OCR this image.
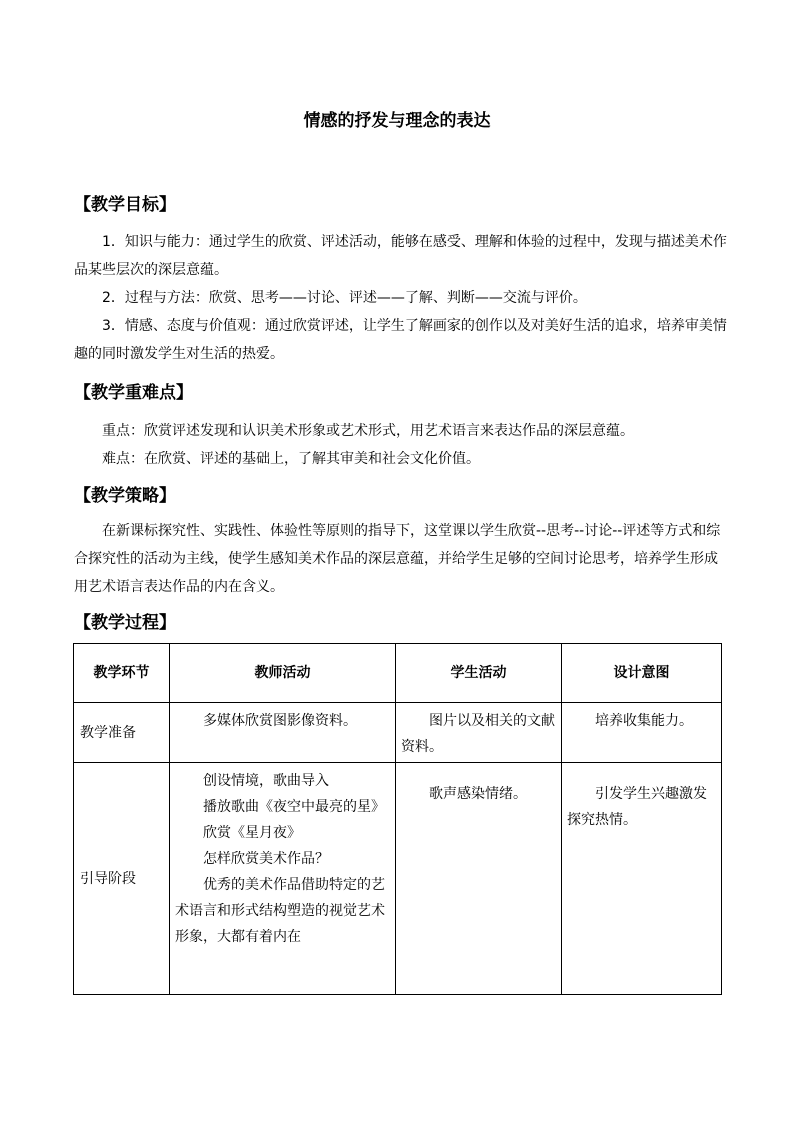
情感的抒发与理念的表达
【教学目标】
1．知识与能力：通过学生的欣赏、评述活动，能够在感受、理解和体验的过程中，发现与描述美术作品某些层次的深层意蕴。
2．过程与方法：欣赏、思考——讨论、评述——了解、判断——交流与评价。
3．情感、态度与价值观：通过欣赏评述，让学生了解画家的创作以及对美好生活的追求，培养审美情趣的同时激发学生对生活的热爱。
【教学重难点】
重点：欣赏评述发现和认识美术形象或艺术形式，用艺术语言来表达作品的深层意蕴。
难点：在欣赏、评述的基础上，了解其审美和社会文化价值。
【教学策略】
在新课标探究性、实践性、体验性等原则的指导下，这堂课以学生欣赏--思考--讨论--评述等方式和综合探究性的活动为主线，使学生感知美术作品的深层意蕴，并给学生足够的空间讨论思考，培养学生形成用艺术语言表达作品的内在含义。
【教学过程】
教学环节	教师活动	学生活动	设计意图
教学准备	多媒体欣赏图影像资料。	图片以及相关的文献资料。	培养收集能力。
引导阶段	创设情境，歌曲导入
播放歌曲《夜空中最亮的星》
欣赏《星月夜》
怎样欣赏美术作品？
优秀的美术作品借助特定的艺术语言和形式结构塑造的视觉艺术形象，大都有着内在	歌声感染情绪。	引发学生兴趣激发探究热情。
